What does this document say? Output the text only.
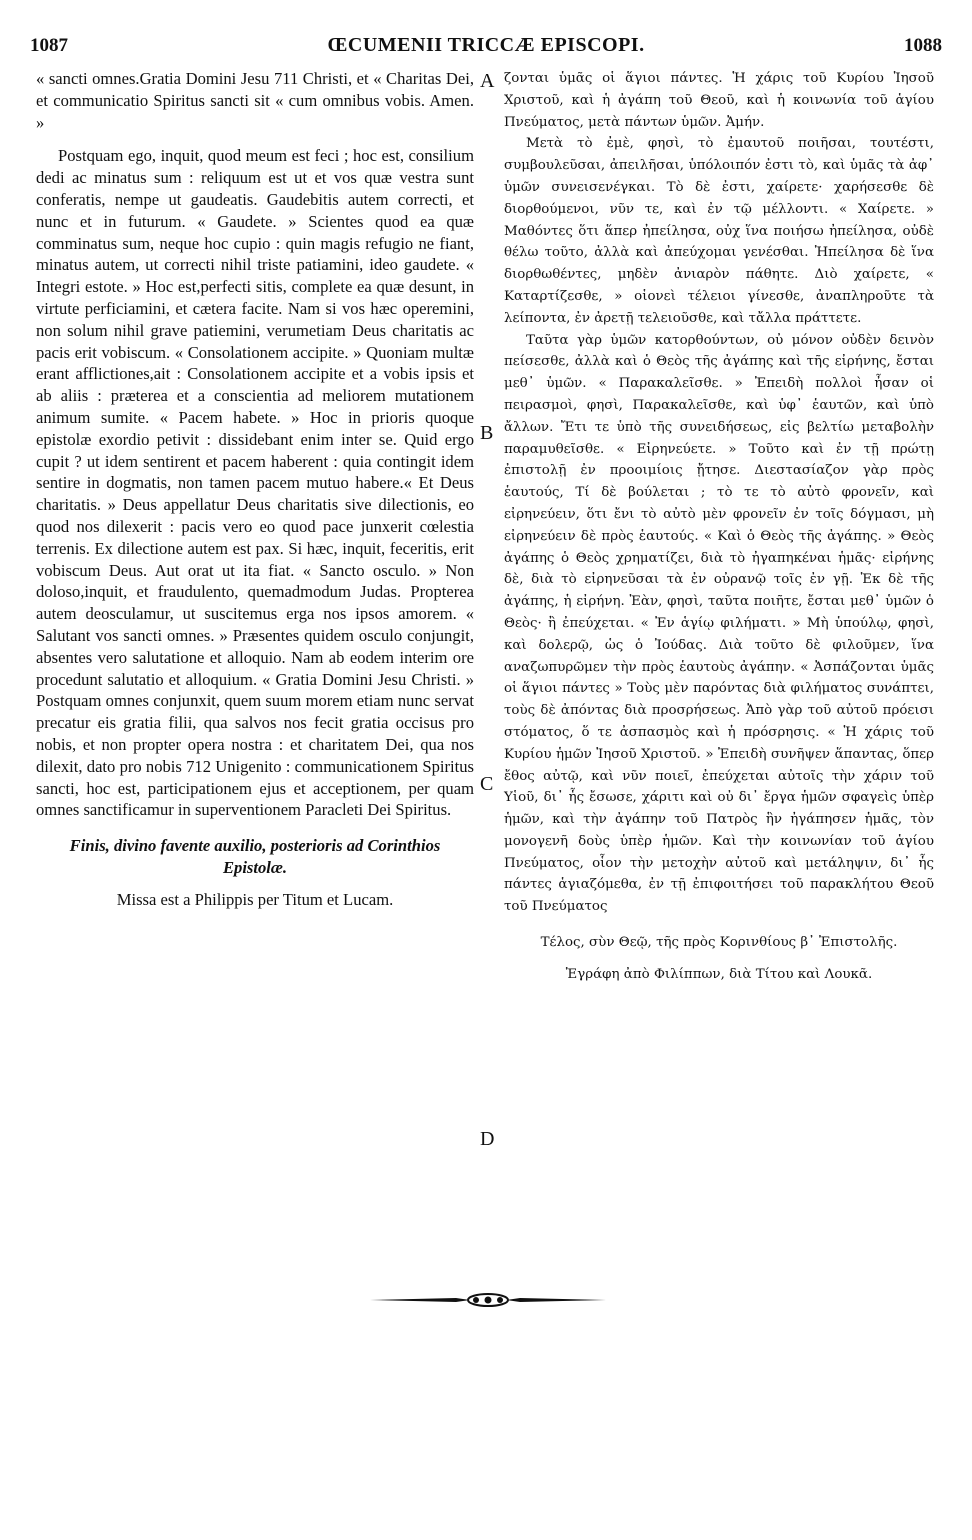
1087	ŒCUMENII TRICCÆ EPISCOPI.	1088

« sancti omnes.Gratia Domini Jesu 711 Christi, et « Charitas Dei, et communicatio Spiritus sancti sit « cum omnibus vobis. Amen. »

Postquam ego, inquit, quod meum est feci ; hoc est, consilium dedi ac minatus sum : reliquum est ut et vos quæ vestra sunt conferatis, nempe ut gaudeatis. Gaudebitis autem correcti, et nunc et in futurum. « Gaudete. » Scientes quod ea quæ comminatus sum, neque hoc cupio : quin magis refugio ne fiant, minatus autem, ut correcti nihil triste patiamini, ideo gaudete. « Integri estote. » Hoc est,perfecti sitis, complete ea quæ desunt, in virtute perficiamini, et cætera facite. Nam si vos hæc operemini, non solum nihil grave patiemini, verumetiam Deus charitatis ac pacis erit vobiscum. « Consolationem accipite. » Quoniam multæ erant afflictiones,ait : Consolationem accipite et a vobis ipsis et ab aliis : præterea et a conscientia ad meliorem mutationem animum sumite. « Pacem habete. » Hoc in prioris quoque epistolæ exordio petivit : dissidebant enim inter se. Quid ergo cupit ? ut idem sentirent et pacem haberent : quia contingit idem sentire in dogmatis, non tamen pacem mutuo habere.« Et Deus charitatis. » Deus appellatur Deus charitatis sive dilectionis, eo quod nos dilexerit : pacis vero eo quod pace junxerit cœlestia terrenis. Ex dilectione autem est pax. Si hæc, inquit, feceritis, erit vobiscum Deus. Aut orat ut ita fiat. « Sancto osculo. » Non doloso,inquit, et fraudulento, quemadmodum Judas. Propterea autem deosculamur, ut suscitemus erga nos ipsos amorem. « Salutant vos sancti omnes. » Præsentes quidem osculo conjungit, absentes vero salutatione et alloquio. Nam ab eodem interim ore procedunt salutatio et alloquium. « Gratia Domini Jesu Christi. » Postquam omnes conjunxit, quem suum morem etiam nunc servat precatur eis gratia filii, qua salvos nos fecit gratia occisus pro nobis, et non propter opera nostra : et charitatem Dei, qua nos dilexit, dato pro nobis 712 Unigenito : communicationem Spiritus sancti, hoc est, participationem ejus et acceptionem, per quam omnes sanctificamur in superventionem Paracleti Dei Spiritus.

Finis, divino favente auxilio, posterioris ad Corinthios Epistolæ.

Missa est a Philippis per Titum et Lucam.

A
B
C
D

ζονται ὑμᾶς οἱ ἅγιοι πάντες. Ἡ χάρις τοῦ Κυρίου Ἰησοῦ Χριστοῦ, καὶ ἡ ἀγάπη τοῦ Θεοῦ, καὶ ἡ κοινωνία τοῦ ἁγίου Πνεύματος, μετὰ πάντων ὑμῶν. Ἀμήν.

Μετὰ τὸ ἐμὲ, φησὶ, τὸ ἐμαυτοῦ ποιῆσαι, τουτέστι, συμβουλεῦσαι, ἀπειλῆσαι, ὑπόλοιπόν ἐστι τὸ, καὶ ὑμᾶς τὰ ἀφ᾽ ὑμῶν συνεισενέγκαι. Τὸ δὲ ἐστι, χαίρετε· χαρήσεσθε δὲ διορθούμενοι, νῦν τε, καὶ ἐν τῷ μέλλοντι. « Χαίρετε. » Μαθόντες ὅτι ἅπερ ἠπείλησα, οὐχ ἵνα ποιήσω ἠπείλησα, οὐδὲ θέλω τοῦτο, ἀλλὰ καὶ ἀπεύχομαι γενέσθαι. Ἠπείλησα δὲ ἵνα διορθωθέντες, μηδὲν ἀνιαρὸν πάθητε. Διὸ χαίρετε, « Καταρτίζεσθε, » οἱονεὶ τέλειοι γίνεσθε, ἀναπληροῦτε τὰ λείποντα, ἐν ἀρετῇ τελειοῦσθε, καὶ τἄλλα πράττετε.

Ταῦτα γὰρ ὑμῶν κατορθούντων, οὐ μόνον οὐδὲν δεινὸν πείσεσθε, ἀλλὰ καὶ ὁ Θεὸς τῆς ἀγάπης καὶ τῆς εἰρήνης, ἔσται μεθ᾽ ὑμῶν. « Παρακαλεῖσθε. » Ἐπειδὴ πολλοὶ ἦσαν οἱ πειρασμοὶ, φησὶ, Παρακαλεῖσθε, καὶ ὑφ᾽ ἑαυτῶν, καὶ ὑπὸ ἄλλων. Ἔτι τε ὑπὸ τῆς συνειδήσεως, εἰς βελτίω μεταβολὴν παραμυθεῖσθε. « Εἰρηνεύετε. » Τοῦτο καὶ ἐν τῇ πρώτῃ ἐπιστολῇ ἐν προοιμίοις ᾔτησε. Διεστασίαζον γὰρ πρὸς ἑαυτούς, Τί δὲ βούλεται ; τὸ τε τὸ αὐτὸ φρονεῖν, καὶ εἰρηνεύειν, ὅτι ἔνι τὸ αὐτὸ μὲν φρονεῖν ἐν τοῖς δόγμασι, μὴ εἰρηνεύειν δὲ πρὸς ἑαυτούς. « Καὶ ὁ Θεὸς τῆς ἀγάπης. » Θεὸς ἀγάπης ὁ Θεὸς χρηματίζει, διὰ τὸ ἠγαπηκέναι ἡμᾶς· εἰρήνης δὲ, διὰ τὸ εἰρηνεῦσαι τὰ ἐν οὐρανῷ τοῖς ἐν γῇ. Ἐκ δὲ τῆς ἀγάπης, ἡ εἰρήνη. Ἐὰν, φησὶ, ταῦτα ποιῆτε, ἔσται μεθ᾽ ὑμῶν ὁ Θεὸς· ἢ ἐπεύχεται. « Ἐν ἁγίῳ φιλήματι. » Μὴ ὑπούλῳ, φησὶ, καὶ δολερῷ, ὡς ὁ Ἰούδας. Διὰ τοῦτο δὲ φιλοῦμεν, ἵνα αναζωπυρῶμεν τὴν πρὸς ἑαυτοὺς ἀγάπην. « Ἀσπάζονται ὑμᾶς οἱ ἅγιοι πάντες » Τοὺς μὲν παρόντας διὰ φιλήματος συνάπτει, τοὺς δὲ ἀπόντας διὰ προσρήσεως. Ἀπὸ γὰρ τοῦ αὐτοῦ πρόεισι στόματος, ὅ τε ἀσπασμὸς καὶ ἡ πρόσρησις. « Ἡ χάρις τοῦ Κυρίου ἡμῶν Ἰησοῦ Χριστοῦ. » Ἐπειδὴ συνῆψεν ἅπαντας, ὅπερ ἔθος αὐτῷ, καὶ νῦν ποιεῖ, ἐπεύχεται αὐτοῖς τὴν χάριν τοῦ Υἱοῦ, δι᾽ ἧς ἔσωσε, χάριτι καὶ οὐ δι᾽ ἔργα ἡμῶν σφαγεὶς ὑπὲρ ἡμῶν, καὶ τὴν ἀγάπην τοῦ Πατρὸς ἣν ἠγάπησεν ἡμᾶς, τὸν μονογενῆ δοὺς ὑπὲρ ἡμῶν. Καὶ τὴν κοινωνίαν τοῦ ἁγίου Πνεύματος, οἷον τὴν μετοχὴν αὐτοῦ καὶ μετάληψιν, δι᾽ ἧς πάντες ἁγιαζόμεθα, ἐν τῇ ἐπιφοιτήσει τοῦ παρακλήτου Θεοῦ τοῦ Πνεύματος

Τέλος, σὺν Θεῷ, τῆς πρὸς Κορινθίους β᾽ Ἐπιστολῆς.

Ἐγράφη ἀπὸ Φιλίππων, διὰ Τίτου καὶ Λουκᾶ.
